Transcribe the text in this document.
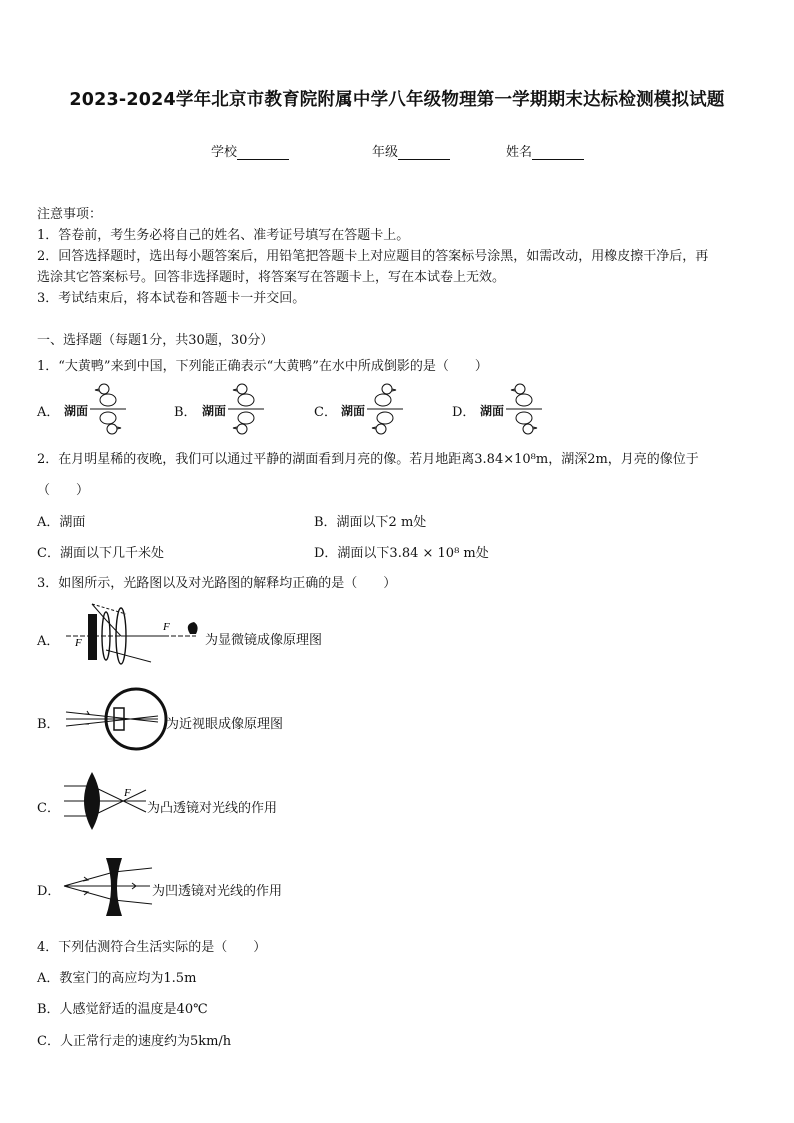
2023-2024学年北京市教育院附属中学八年级物理第一学期期末达标检测模拟试题
学校	年级	姓名
注意事项：
1．答卷前，考生务必将自己的姓名、准考证号填写在答题卡上。
2．回答选择题时，选出每小题答案后，用铅笔把答题卡上对应题目的答案标号涂黑，如需改动，用橡皮擦干净后，再
选涂其它答案标号。回答非选择题时，将答案写在答题卡上，写在本试卷上无效。
3．考试结束后，将本试卷和答题卡一并交回。
一、选择题（每题1分，共30题，30分）
1．“大黄鸭”来到中国，下列能正确表示“大黄鸭”在水中所成倒影的是（　　）
A． 湖面	B． 湖面	C． 湖面	D． 湖面
2．在月明星稀的夜晚，我们可以通过平静的湖面看到月亮的像。若月地距离3.84×10⁸m，湖深2m，月亮的像位于
（　　）
A．湖面	B．湖面以下2 m处
C．湖面以下几千米处	D．湖面以下3.84 × 10⁸ m处
3．如图所示，光路图以及对光路图的解释均正确的是（　　）
A． F
F
为显微镜成像原理图
B．	为近视眼成像原理图
C．
F
为凸透镜对光线的作用
D．	为凹透镜对光线的作用
4．下列估测符合生活实际的是（　　）
A．教室门的高应均为1.5m
B．人感觉舒适的温度是40℃
C．人正常行走的速度约为5km/h
